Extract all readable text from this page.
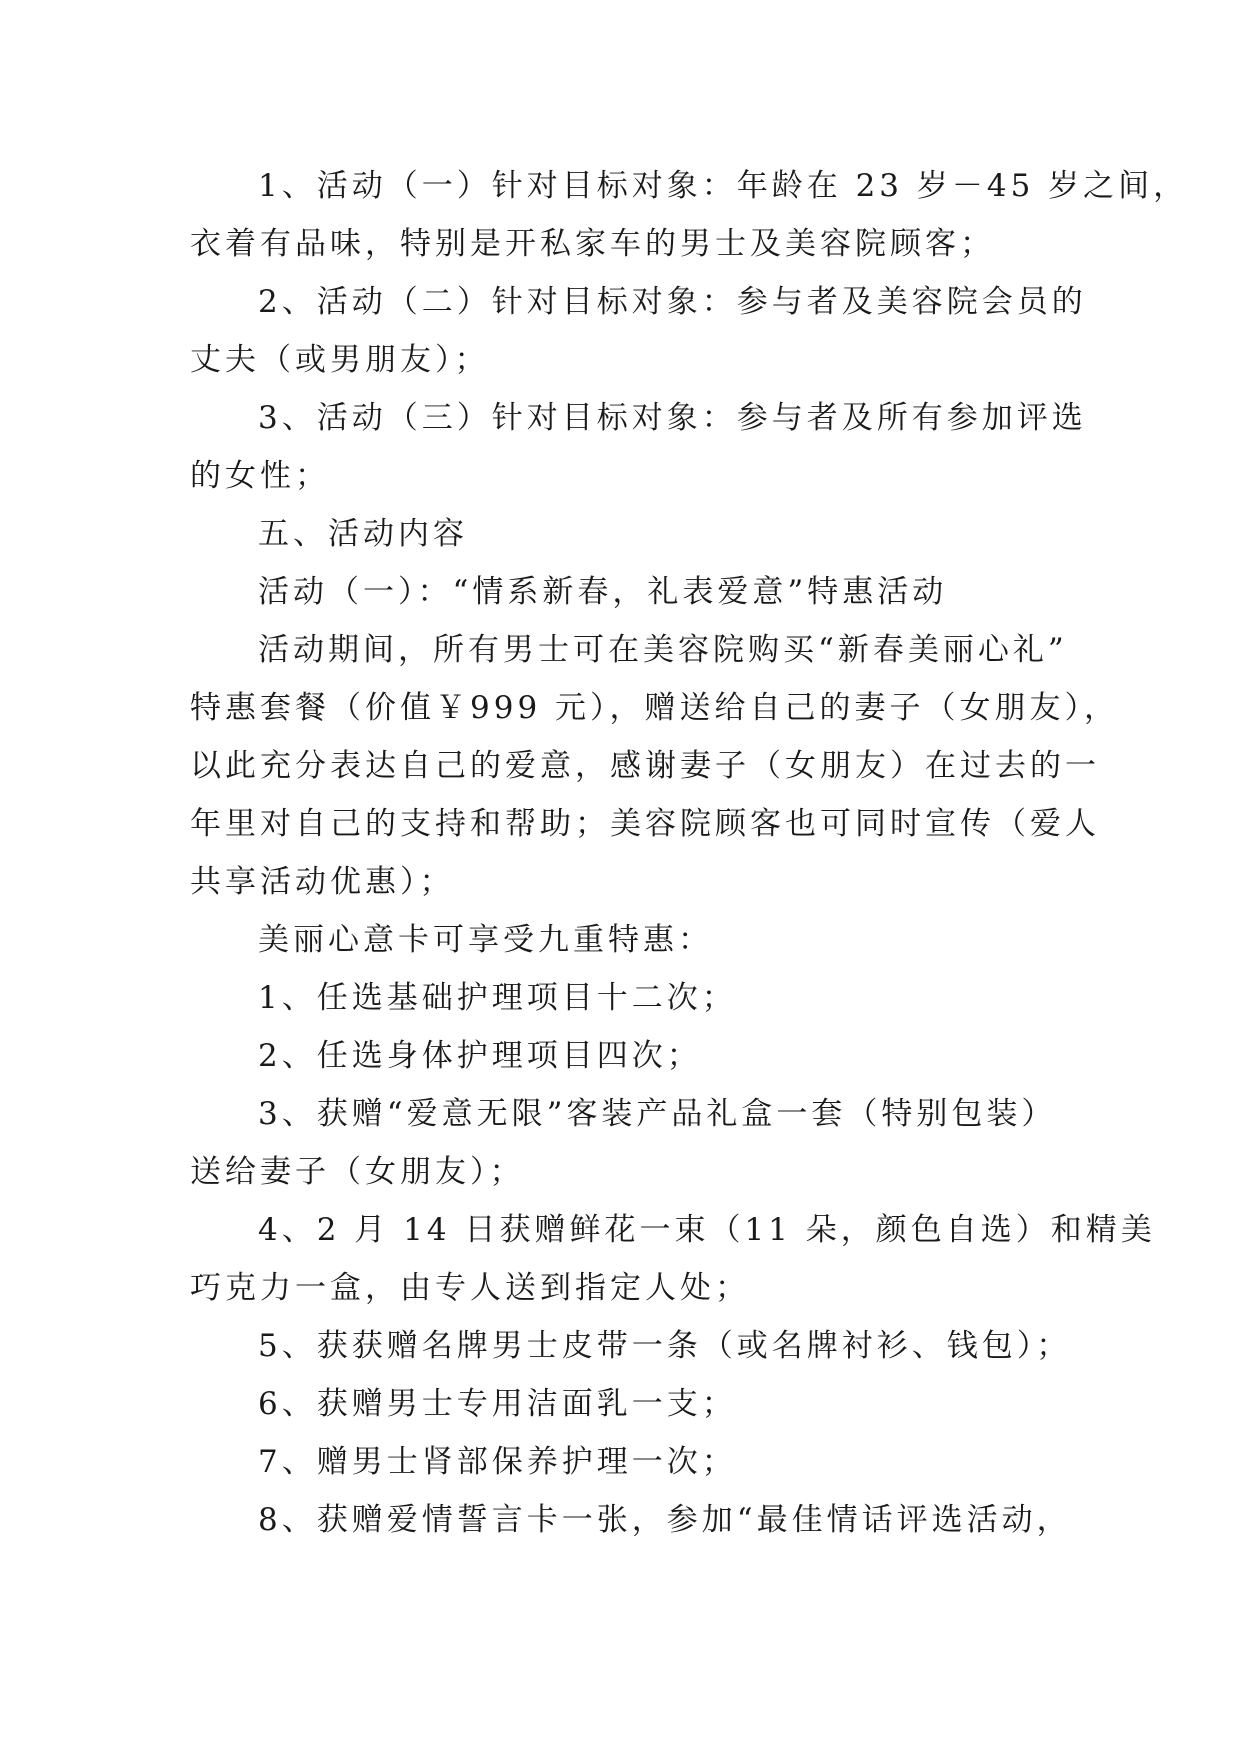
1、活动（一）针对目标对象：年龄在 23 岁－45 岁之间，
衣着有品味，特别是开私家车的男士及美容院顾客；
2、活动（二）针对目标对象：参与者及美容院会员的
丈夫（或男朋友）；
3、活动（三）针对目标对象：参与者及所有参加评选
的女性；
五、活动内容
活动（一）：“情系新春，礼表爱意”特惠活动
活动期间，所有男士可在美容院购买“新春美丽心礼”
特惠套餐（价值￥999 元），赠送给自己的妻子（女朋友），
以此充分表达自己的爱意，感谢妻子（女朋友）在过去的一
年里对自己的支持和帮助；美容院顾客也可同时宣传（爱人
共享活动优惠）；
美丽心意卡可享受九重特惠：
1、任选基础护理项目十二次；
2、任选身体护理项目四次；
3、获赠“爱意无限”客装产品礼盒一套（特别包装）
送给妻子（女朋友）；
4、2 月 14 日获赠鲜花一束（11 朵，颜色自选）和精美
巧克力一盒，由专人送到指定人处；
5、获获赠名牌男士皮带一条（或名牌衬衫、钱包）；
6、获赠男士专用洁面乳一支；
7、赠男士肾部保养护理一次；
8、获赠爱情誓言卡一张，参加“最佳情话评选活动，
